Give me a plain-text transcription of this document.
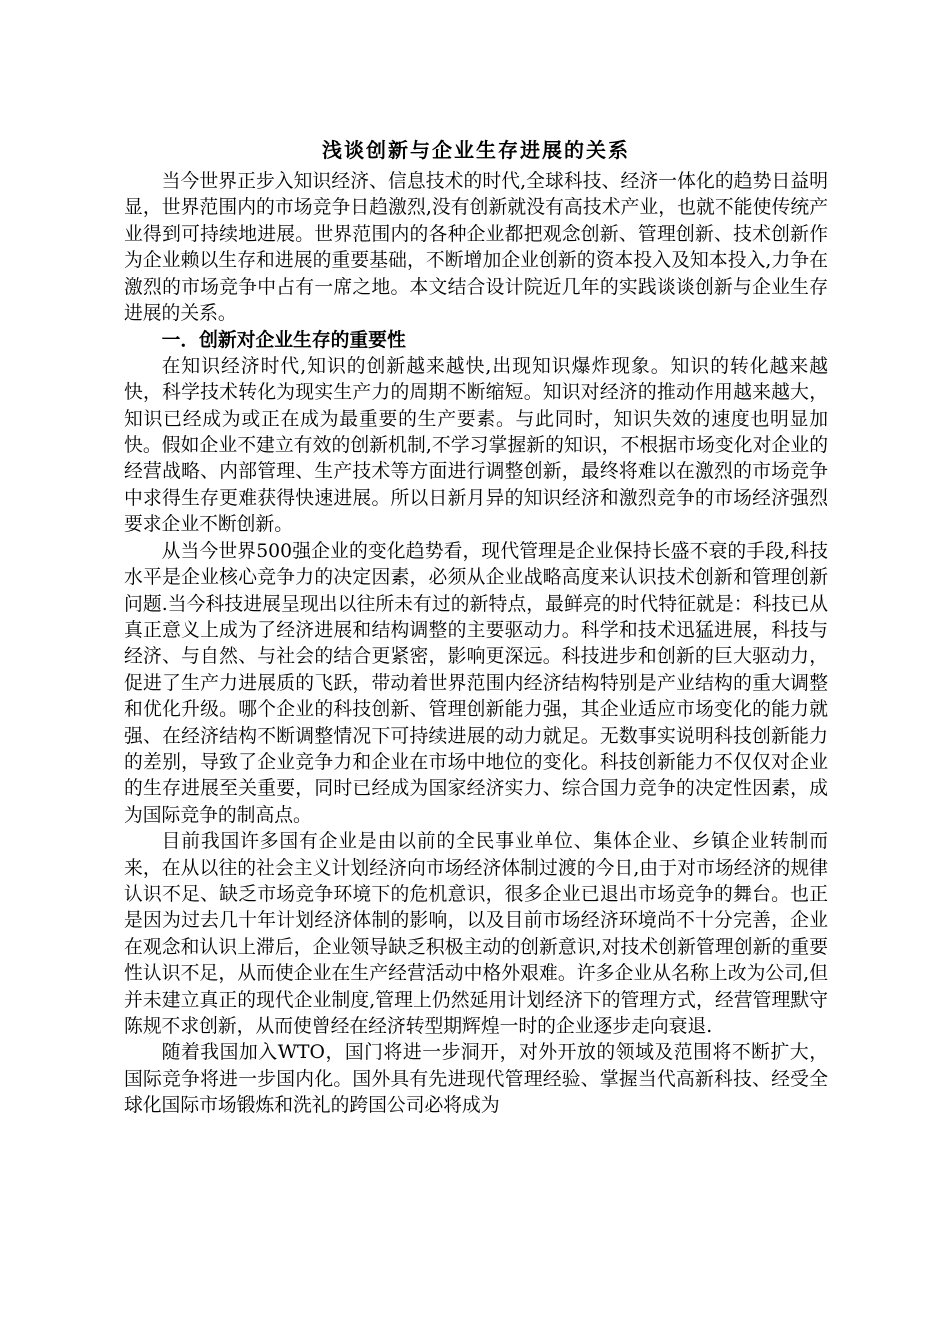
浅谈创新与企业生存进展的关系

当今世界正步入知识经济、信息技术的时代,全球科技、经济一体化的趋势日益明显，世界范围内的市场竞争日趋激烈,没有创新就没有高技术产业，也就不能使传统产业得到可持续地进展。世界范围内的各种企业都把观念创新、管理创新、技术创新作为企业赖以生存和进展的重要基础，不断增加企业创新的资本投入及知本投入,力争在激烈的市场竞争中占有一席之地。本文结合设计院近几年的实践谈谈创新与企业生存进展的关系。

一．创新对企业生存的重要性

在知识经济时代,知识的创新越来越快,出现知识爆炸现象。知识的转化越来越快，科学技术转化为现实生产力的周期不断缩短。知识对经济的推动作用越来越大，知识已经成为或正在成为最重要的生产要素。与此同时，知识失效的速度也明显加快。假如企业不建立有效的创新机制,不学习掌握新的知识，不根据市场变化对企业的经营战略、内部管理、生产技术等方面进行调整创新，最终将难以在激烈的市场竞争中求得生存更难获得快速进展。所以日新月异的知识经济和激烈竞争的市场经济强烈要求企业不断创新。

从当今世界500强企业的变化趋势看，现代管理是企业保持长盛不衰的手段,科技水平是企业核心竞争力的决定因素，必须从企业战略高度来认识技术创新和管理创新问题.当今科技进展呈现出以往所未有过的新特点，最鲜亮的时代特征就是：科技已从真正意义上成为了经济进展和结构调整的主要驱动力。科学和技术迅猛进展，科技与经济、与自然、与社会的结合更紧密，影响更深远。科技进步和创新的巨大驱动力，促进了生产力进展质的飞跃，带动着世界范围内经济结构特别是产业结构的重大调整和优化升级。哪个企业的科技创新、管理创新能力强，其企业适应市场变化的能力就强、在经济结构不断调整情况下可持续进展的动力就足。无数事实说明科技创新能力的差别，导致了企业竞争力和企业在市场中地位的变化。科技创新能力不仅仅对企业的生存进展至关重要，同时已经成为国家经济实力、综合国力竞争的决定性因素，成为国际竞争的制高点。

目前我国许多国有企业是由以前的全民事业单位、集体企业、乡镇企业转制而来，在从以往的社会主义计划经济向市场经济体制过渡的今日,由于对市场经济的规律认识不足、缺乏市场竞争环境下的危机意识，很多企业已退出市场竞争的舞台。也正是因为过去几十年计划经济体制的影响，以及目前市场经济环境尚不十分完善，企业在观念和认识上滞后，企业领导缺乏积极主动的创新意识,对技术创新管理创新的重要性认识不足，从而使企业在生产经营活动中格外艰难。许多企业从名称上改为公司,但并未建立真正的现代企业制度,管理上仍然延用计划经济下的管理方式，经营管理默守陈规不求创新，从而使曾经在经济转型期辉煌一时的企业逐步走向衰退.

随着我国加入WTO，国门将进一步洞开，对外开放的领域及范围将不断扩大，国际竞争将进一步国内化。国外具有先进现代管理经验、掌握当代高新科技、经受全球化国际市场锻炼和洗礼的跨国公司必将成为
